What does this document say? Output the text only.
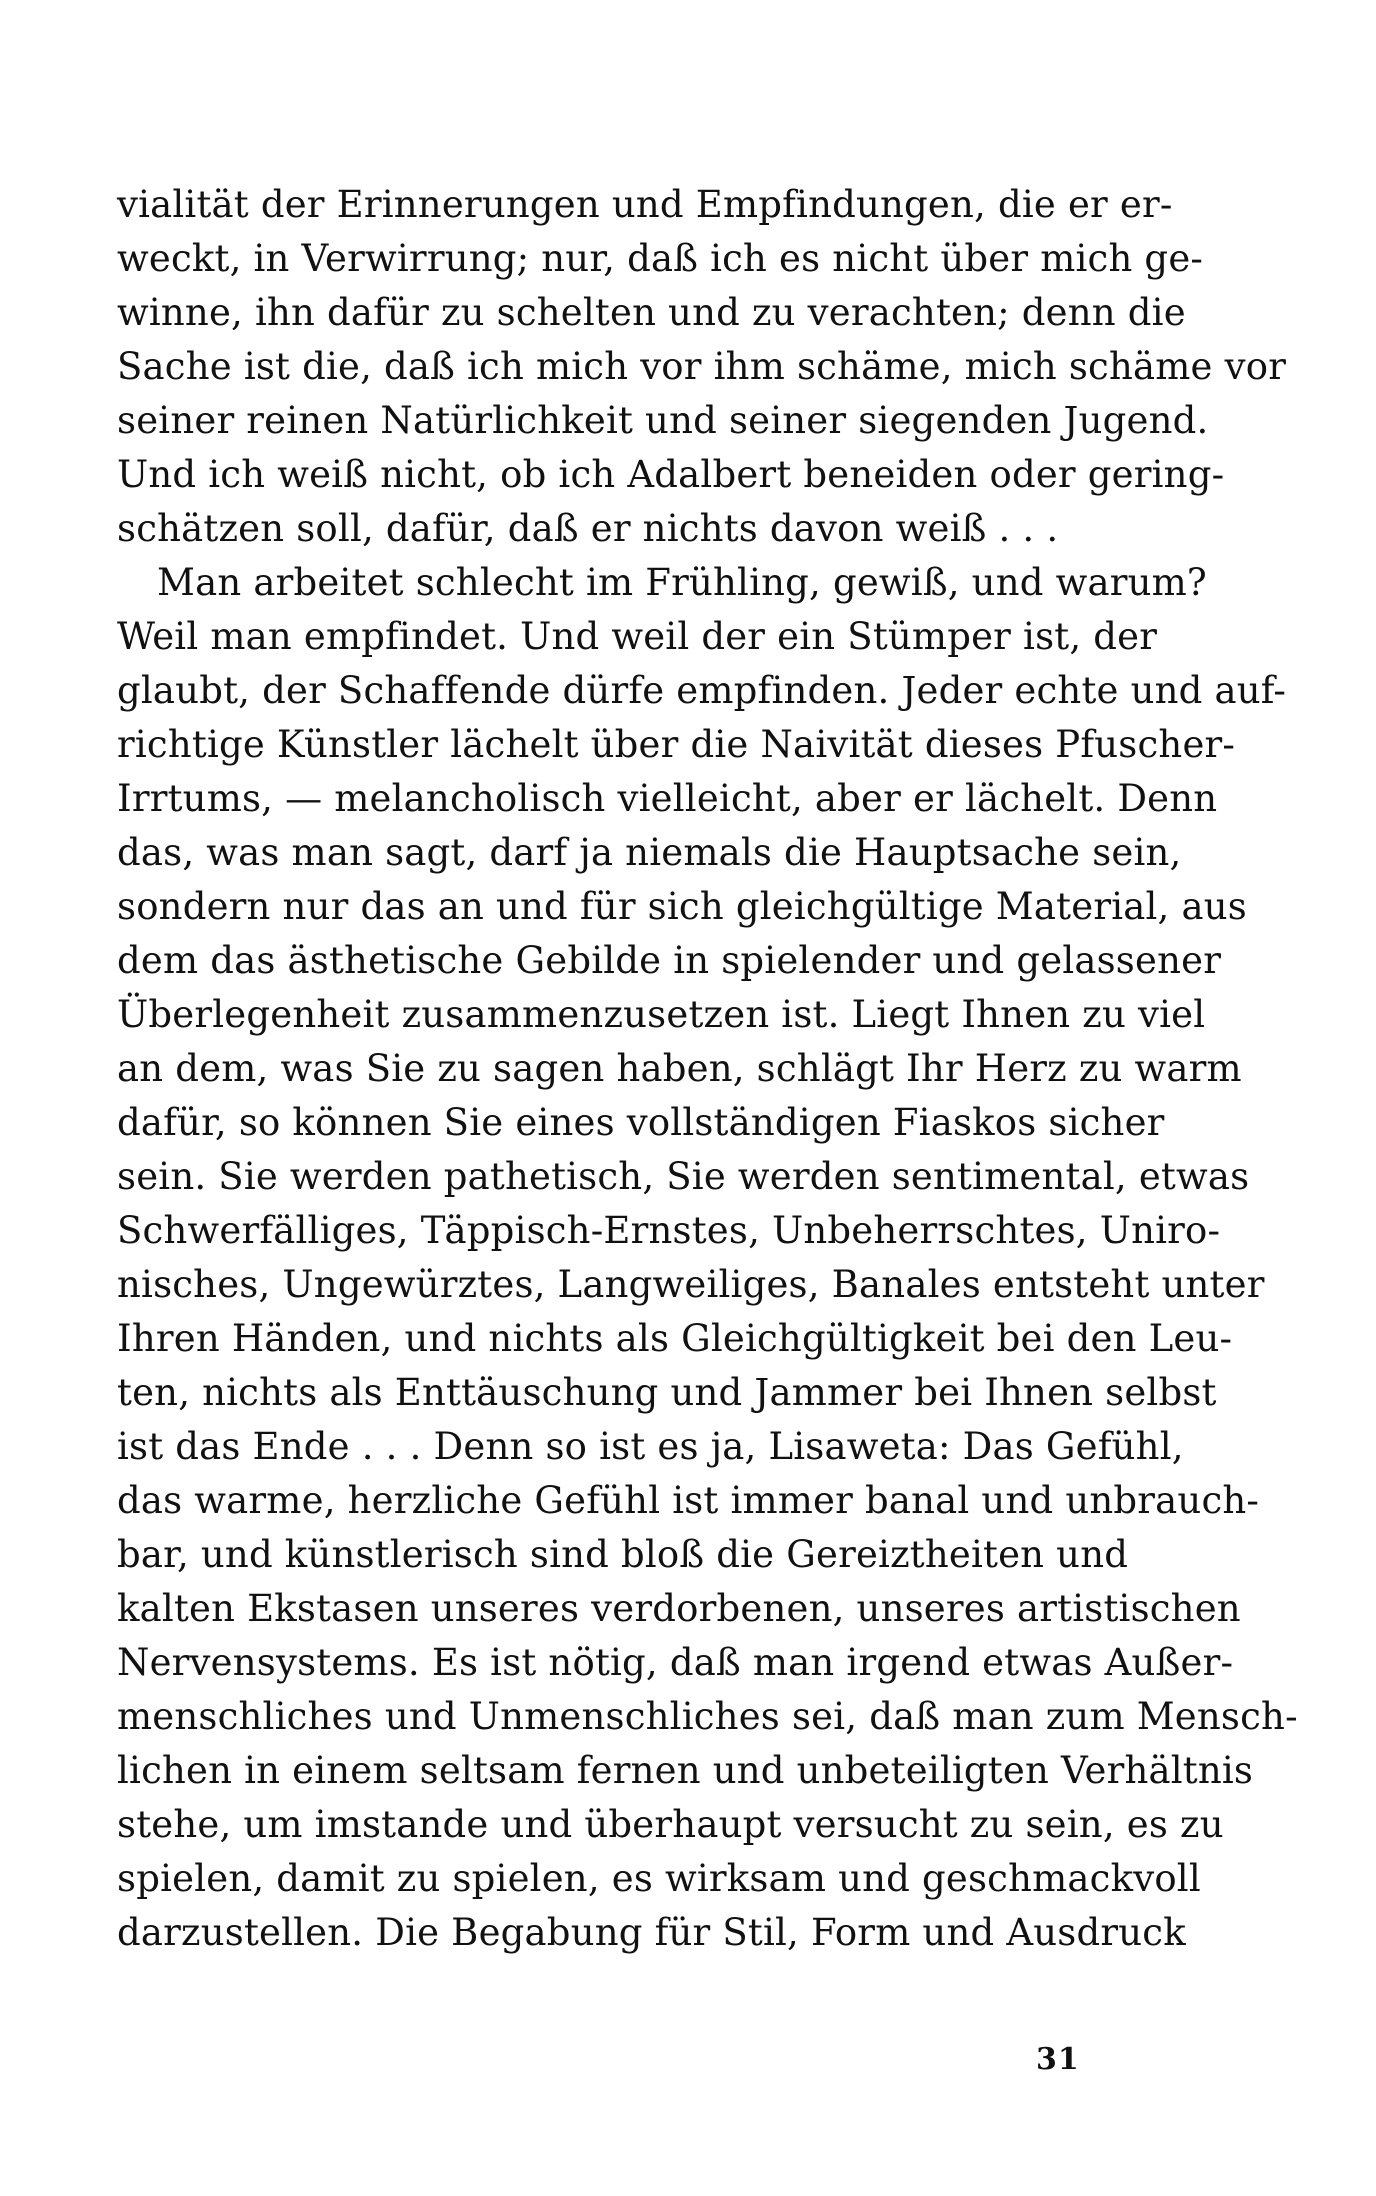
vialität der Erinnerungen und Empfindungen, die er er-
weckt, in Verwirrung; nur, daß ich es nicht über mich ge-
winne, ihn dafür zu schelten und zu verachten; denn die
Sache ist die, daß ich mich vor ihm schäme, mich schäme vor
seiner reinen Natürlichkeit und seiner siegenden Jugend.
Und ich weiß nicht, ob ich Adalbert beneiden oder gering-
schätzen soll, dafür, daß er nichts davon weiß . . .
Man arbeitet schlecht im Frühling, gewiß, und warum?
Weil man empfindet. Und weil der ein Stümper ist, der
glaubt, der Schaffende dürfe empfinden. Jeder echte und auf-
richtige Künstler lächelt über die Naivität dieses Pfuscher-
Irrtums, — melancholisch vielleicht, aber er lächelt. Denn
das, was man sagt, darf ja niemals die Hauptsache sein,
sondern nur das an und für sich gleichgültige Material, aus
dem das ästhetische Gebilde in spielender und gelassener
Überlegenheit zusammenzusetzen ist. Liegt Ihnen zu viel
an dem, was Sie zu sagen haben, schlägt Ihr Herz zu warm
dafür, so können Sie eines vollständigen Fiaskos sicher
sein. Sie werden pathetisch, Sie werden sentimental, etwas
Schwerfälliges, Täppisch-Ernstes, Unbeherrschtes, Uniro-
nisches, Ungewürztes, Langweiliges, Banales entsteht unter
Ihren Händen, und nichts als Gleichgültigkeit bei den Leu-
ten, nichts als Enttäuschung und Jammer bei Ihnen selbst
ist das Ende . . . Denn so ist es ja, Lisaweta: Das Gefühl,
das warme, herzliche Gefühl ist immer banal und unbrauch-
bar, und künstlerisch sind bloß die Gereiztheiten und
kalten Ekstasen unseres verdorbenen, unseres artistischen
Nervensystems. Es ist nötig, daß man irgend etwas Außer-
menschliches und Unmenschliches sei, daß man zum Mensch-
lichen in einem seltsam fernen und unbeteiligten Verhältnis
stehe, um imstande und überhaupt versucht zu sein, es zu
spielen, damit zu spielen, es wirksam und geschmackvoll
darzustellen. Die Begabung für Stil, Form und Ausdruck
31
